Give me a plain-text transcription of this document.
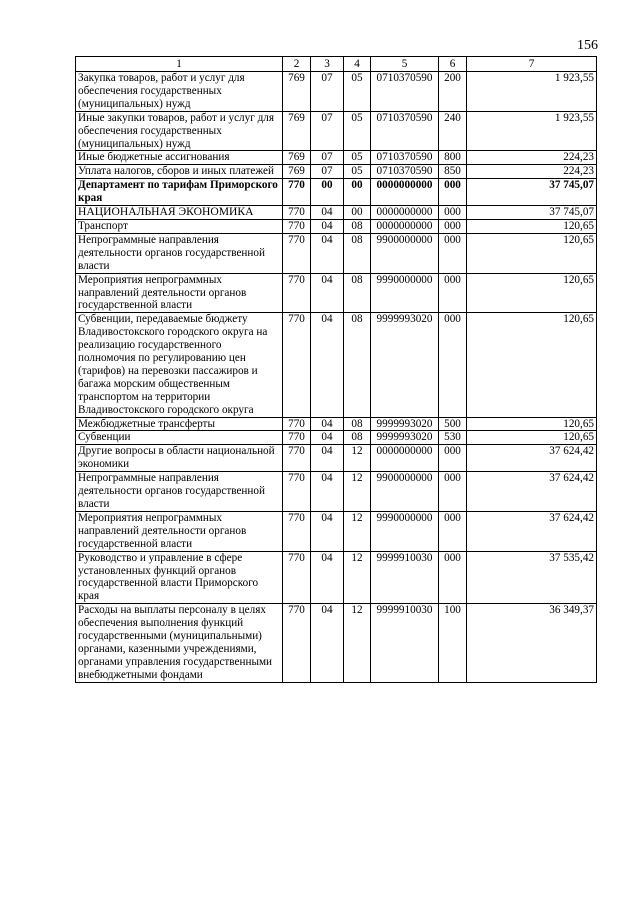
156
1	2	3	4	5	6	7
Закупка товаров, работ и услуг для обеспечения государственных (муниципальных) нужд	769	07	05	0710370590	200	1 923,55
Иные закупки товаров, работ и услуг для обеспечения государственных (муниципальных) нужд	769	07	05	0710370590	240	1 923,55
Иные бюджетные ассигнования	769	07	05	0710370590	800	224,23
Уплата налогов, сборов и иных платежей	769	07	05	0710370590	850	224,23
Департамент по тарифам Приморского края	770	00	00	0000000000	000	37 745,07
НАЦИОНАЛЬНАЯ ЭКОНОМИКА	770	04	00	0000000000	000	37 745,07
Транспорт	770	04	08	0000000000	000	120,65
Непрограммные направления деятельности органов государственной власти	770	04	08	9900000000	000	120,65
Мероприятия непрограммных направлений деятельности органов государственной власти	770	04	08	9990000000	000	120,65
Субвенции, передаваемые бюджету Владивостокского городского округа на реализацию государственного полномочия по регулированию цен (тарифов) на перевозки пассажиров и багажа морским общественным транспортом на территории Владивостокского городского округа	770	04	08	9999993020	000	120,65
Межбюджетные трансферты	770	04	08	9999993020	500	120,65
Субвенции	770	04	08	9999993020	530	120,65
Другие вопросы в области национальной экономики	770	04	12	0000000000	000	37 624,42
Непрограммные направления деятельности органов государственной власти	770	04	12	9900000000	000	37 624,42
Мероприятия непрограммных направлений деятельности органов государственной власти	770	04	12	9990000000	000	37 624,42
Руководство и управление в сфере установленных функций органов государственной власти Приморского края	770	04	12	9999910030	000	37 535,42
Расходы на выплаты персоналу в целях обеспечения выполнения функций государственными (муниципальными) органами, казенными учреждениями, органами управления государственными внебюджетными фондами	770	04	12	9999910030	100	36 349,37
